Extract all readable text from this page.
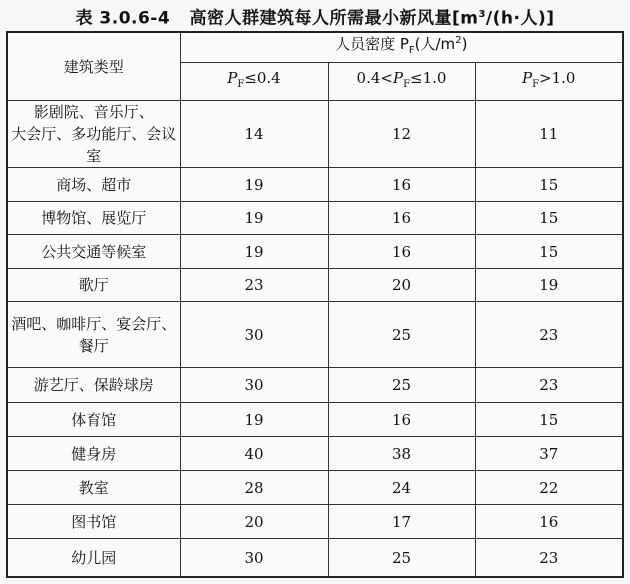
表 3.0.6-4 高密人群建筑每人所需最小新风量[$m^3/(h\cdot$人)]
建筑类型	人员密度 $P_F$(人$/m^2$)		
	$P_F\le 0.4$	$0.4<P_F\le 1.0$	$P_F>1.0$
影剧院、音乐厅、
大会厅、多功能厅、会议室	14	12	11
商场、超市	19	16	15
博物馆、展览厅	19	16	15
公共交通等候室	19	16	15
歌厅	23	20	19
酒吧、咖啡厅、宴会厅、
餐厅	30	25	23
游艺厅、保龄球房	30	25	23
体育馆	19	16	15
健身房	40	38	37
教室	28	24	22
图书馆	20	17	16
幼儿园	30	25	23
